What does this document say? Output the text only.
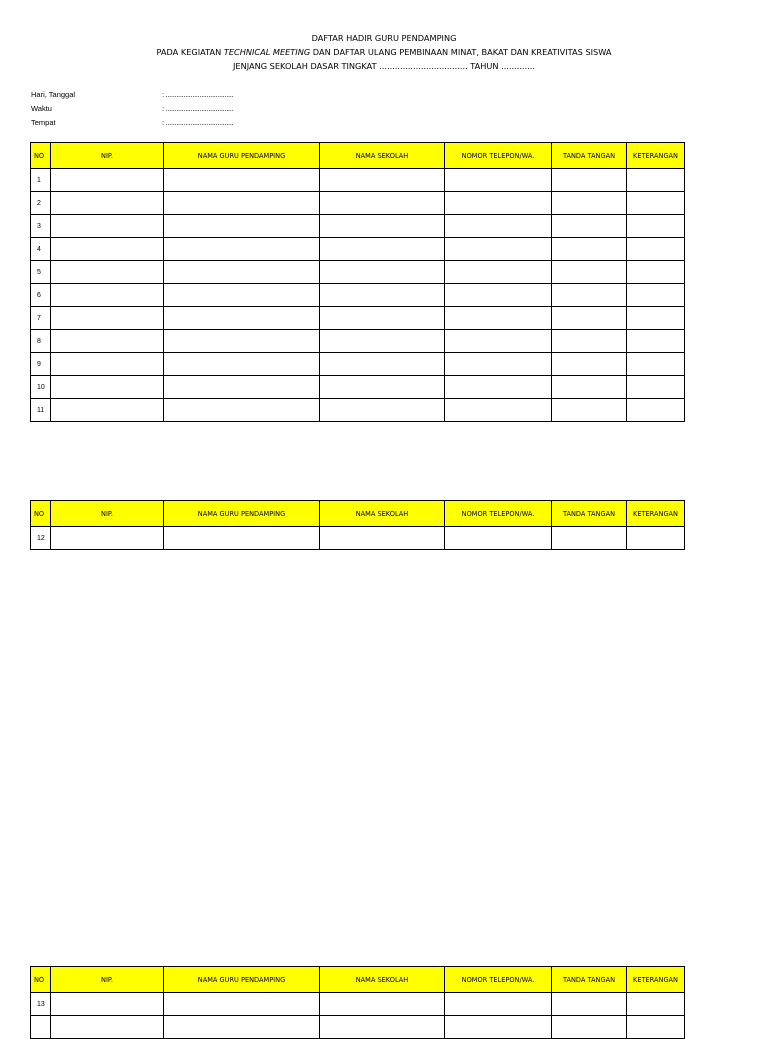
DAFTAR HADIR GURU PENDAMPING
PADA KEGIATAN TECHNICAL MEETING DAN DAFTAR ULANG PEMBINAAN MINAT, BAKAT DAN KREATIVITAS SISWA
JENJANG SEKOLAH DASAR TINGKAT .................................. TAHUN .............
Hari, Tanggal	: ......................................
Waktu	: ......................................
Tempat	: ......................................
NO	NIP.	NAMA GURU PENDAMPING	NAMA SEKOLAH	NOMOR TELEPON/WA.	TANDA TANGAN	KETERANGAN
1						
2						
3						
4						
5						
6						
7						
8						
9						
10						
11						
NO	NIP.	NAMA GURU PENDAMPING	NAMA SEKOLAH	NOMOR TELEPON/WA.	TANDA TANGAN	KETERANGAN
12						
NO	NIP.	NAMA GURU PENDAMPING	NAMA SEKOLAH	NOMOR TELEPON/WA.	TANDA TANGAN	KETERANGAN
13						
